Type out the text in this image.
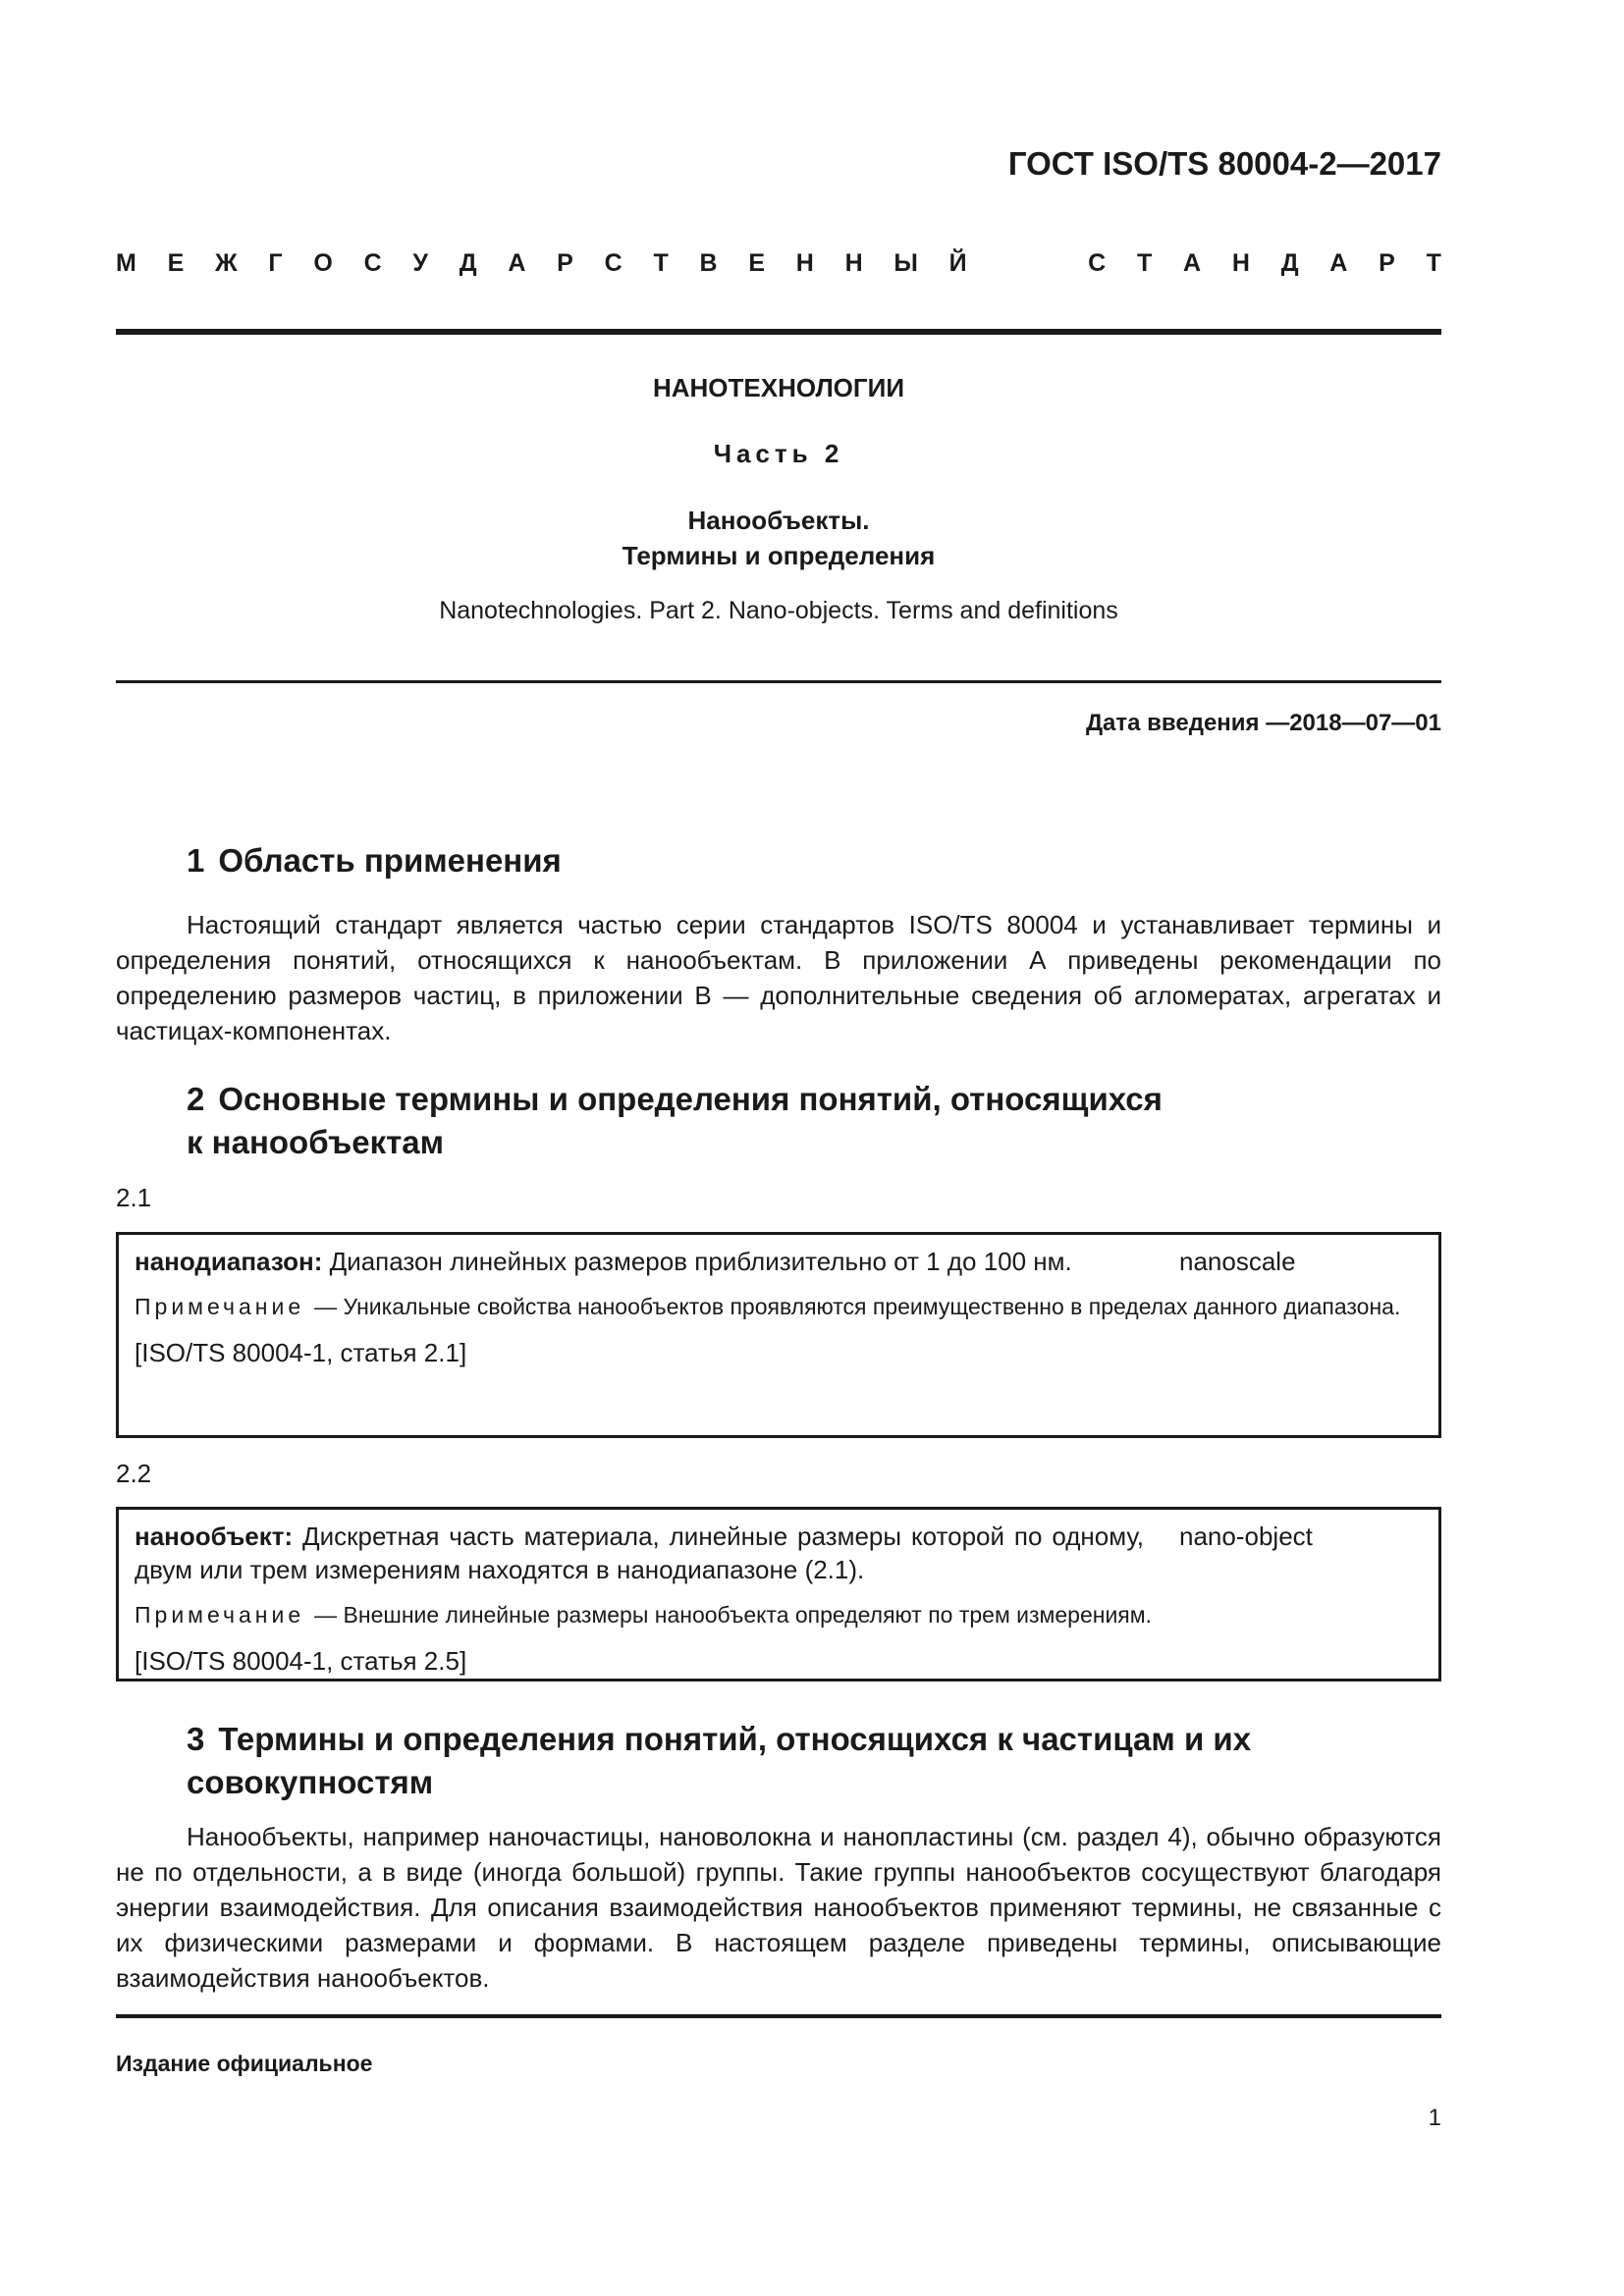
ГОСТ ISO/TS 80004-2—2017
М Е Ж Г О С У Д А Р С Т В Е Н Н Ы Й	С Т А Н Д А Р Т
НАНОТЕХНОЛОГИИ
Часть 2
Нанообъекты.
Термины и определения
Nanotechnologies. Part 2. Nano-objects. Terms and definitions
Дата введения —2018—07—01
1 Область применения

Настоящий стандарт является частью серии стандартов ISO/TS 80004 и устанавливает термины и определения понятий, относящихся к нанообъектам. В приложении А приведены рекомендации по определению размеров частиц, в приложении В — дополнительные сведения об агломератах, агрегатах и частицах-компонентах.

2 Основные термины и определения понятий, относящихся
к нанообъектам
2.1
нанодиапазон: Диапазон линейных размеров приблизительно от 1 до 100 нм.	nanoscale
Примечание — Уникальные свойства нанообъектов проявляются преимущественно в пределах данного диапазона.
[ISO/TS 80004-1, статья 2.1]
2.2
нанообъект: Дискретная часть материала, линейные размеры которой по одному, двум или трем измерениям находятся в нанодиапазоне (2.1).
nano-object
Примечание — Внешние линейные размеры нанообъекта определяют по трем измерениям.
[ISO/TS 80004-1, статья 2.5]
3 Термины и определения понятий, относящихся к частицам и их
совокупностям

Нанообъекты, например наночастицы, нановолокна и нанопластины (см. раздел 4), обычно образуются не по отдельности, а в виде (иногда большой) группы. Такие группы нанообъектов сосуществуют благодаря энергии взаимодействия. Для описания взаимодействия нанообъектов применяют термины, не связанные с их физическими размерами и формами. В настоящем разделе приведены термины, описывающие взаимодействия нанообъектов.

Издание официальное
1
